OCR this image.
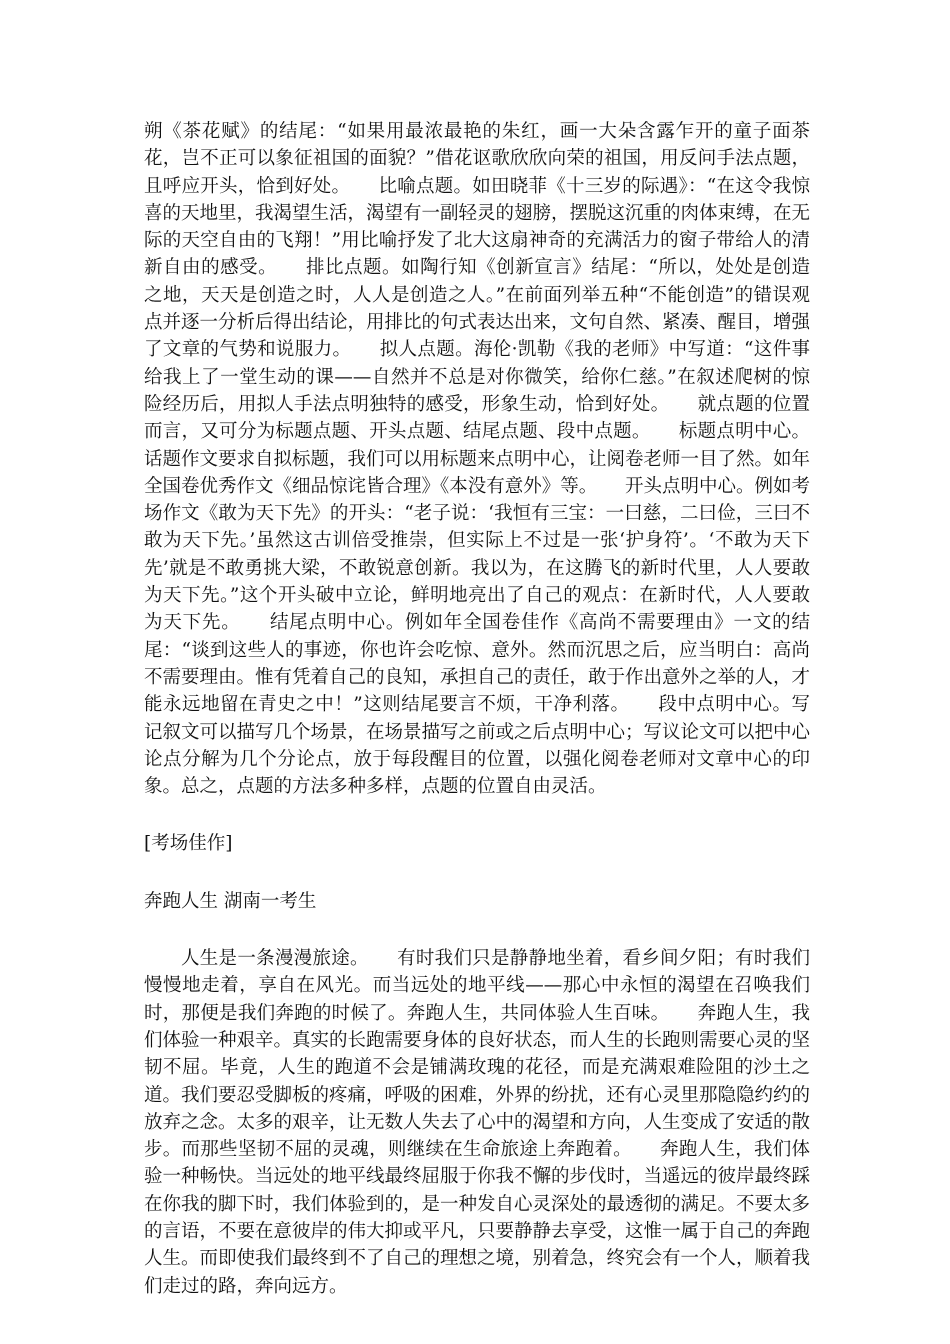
朔《茶花赋》的结尾：“如果用最浓最艳的朱红，画一大朵含露乍开的童子面茶花，岂不正可以象征祖国的面貌？”借花讴歌欣欣向荣的祖国，用反问手法点题，且呼应开头，恰到好处。　　比喻点题。如田晓菲《十三岁的际遇》：“在这令我惊喜的天地里，我渴望生活，渴望有一副轻灵的翅膀，摆脱这沉重的肉体束缚，在无际的天空自由的飞翔！”用比喻抒发了北大这扇神奇的充满活力的窗子带给人的清新自由的感受。　　排比点题。如陶行知《创新宣言》结尾：“所以，处处是创造之地，天天是创造之时，人人是创造之人。”在前面列举五种“不能创造”的错误观点并逐一分析后得出结论，用排比的句式表达出来，文句自然、紧凑、醒目，增强了文章的气势和说服力。　　拟人点题。海伦·凯勒《我的老师》中写道：“这件事给我上了一堂生动的课——自然并不总是对你微笑，给你仁慈。”在叙述爬树的惊险经历后，用拟人手法点明独特的感受，形象生动，恰到好处。　　就点题的位置而言，又可分为标题点题、开头点题、结尾点题、段中点题。　　标题点明中心。话题作文要求自拟标题，我们可以用标题来点明中心，让阅卷老师一目了然。如年全国卷优秀作文《细品惊诧皆合理》《本没有意外》等。　　开头点明中心。例如考场作文《敢为天下先》的开头：“老子说：‘我恒有三宝：一曰慈，二曰俭，三曰不敢为天下先。’虽然这古训倍受推崇，但实际上不过是一张‘护身符’。‘不敢为天下先’就是不敢勇挑大梁，不敢锐意创新。我以为，在这腾飞的新时代里，人人要敢为天下先。”这个开头破中立论，鲜明地亮出了自己的观点：在新时代，人人要敢为天下先。　　结尾点明中心。例如年全国卷佳作《高尚不需要理由》一文的结尾：“谈到这些人的事迹，你也许会吃惊、意外。然而沉思之后，应当明白：高尚不需要理由。惟有凭着自己的良知，承担自己的责任，敢于作出意外之举的人，才能永远地留在青史之中！”这则结尾要言不烦，干净利落。　　段中点明中心。写记叙文可以描写几个场景，在场景描写之前或之后点明中心；写议论文可以把中心论点分解为几个分论点，放于每段醒目的位置，以强化阅卷老师对文章中心的印象。总之，点题的方法多种多样，点题的位置自由灵活。

[考场佳作]

奔跑人生 湖南一考生

人生是一条漫漫旅途。　　有时我们只是静静地坐着，看乡间夕阳；有时我们慢慢地走着，享自在风光。而当远处的地平线——那心中永恒的渴望在召唤我们时，那便是我们奔跑的时候了。奔跑人生，共同体验人生百味。　　奔跑人生，我们体验一种艰辛。真实的长跑需要身体的良好状态，而人生的长跑则需要心灵的坚韧不屈。毕竟，人生的跑道不会是铺满玫瑰的花径，而是充满艰难险阻的沙土之道。我们要忍受脚板的疼痛，呼吸的困难，外界的纷扰，还有心灵里那隐隐约约的放弃之念。太多的艰辛，让无数人失去了心中的渴望和方向，人生变成了安适的散步。而那些坚韧不屈的灵魂，则继续在生命旅途上奔跑着。　　奔跑人生，我们体验一种畅快。当远处的地平线最终屈服于你我不懈的步伐时，当遥远的彼岸最终踩在你我的脚下时，我们体验到的，是一种发自心灵深处的最透彻的满足。不要太多的言语，不要在意彼岸的伟大抑或平凡，只要静静去享受，这惟一属于自己的奔跑人生。而即使我们最终到不了自己的理想之境，别着急，终究会有一个人，顺着我们走过的路，奔向远方。
